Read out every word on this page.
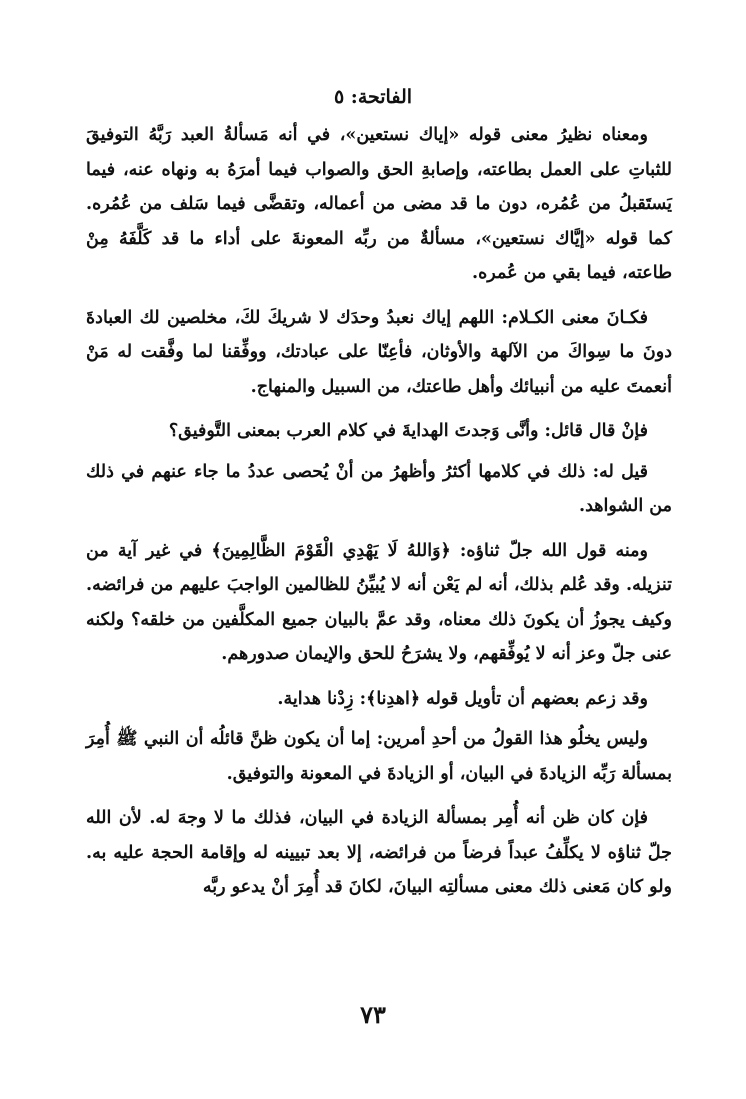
الفاتحة: ٥

ومعناه نظيرُ معنى قوله «إياك نستعين»، في أنه مَسألةُ العبد رَبَّهُ التوفيقَ للثباتِ على العمل بطاعته، وإصابةِ الحق والصواب فيما أمرَهُ به ونهاه عنه، فيما يَستَقبلُ من عُمُره، دون ما قد مضى من أعماله، وتقضَّى فيما سَلف من عُمُره. كما قوله «إيَّاك نستعين»، مسألةٌ من ربِّه المعونةَ على أداء ما قد كَلَّفَهُ مِنْ طاعته، فيما بقي من عُمره.

فكـانَ معنى الكـلام: اللهم إياك نعبدُ وحدَك لا شريكَ لكَ، مخلصين لك العبادةَ دونَ ما سِواكَ من الآلهة والأوثان، فأعِنّا على عبادتك، ووفِّقنا لما وفَّقت له مَنْ أنعمتَ عليه من أنبيائك وأهل طاعتك، من السبيل والمنهاج.

فإنْ قال قائل: وأنَّى وَجدتَ الهدايةَ في كلام العرب بمعنى التَّوفيق؟

قيل له: ذلك في كلامها أكثرُ وأظهرُ من أنْ يُحصى عددُ ما جاء عنهم في ذلك من الشواهد.

ومنه قول الله جلّ ثناؤه: ﴿وَاللهُ لَا يَهْدِي الْقَوْمَ الظَّالِمِينَ﴾ في غير آية من تنزيله. وقد عُلم بذلك، أنه لم يَعْن أنه لا يُبيِّنُ للظالمين الواجبَ عليهم من فرائضه. وكيف يجوزُ أن يكونَ ذلك معناه، وقد عمَّ بالبيان جميع المكلَّفين من خلقه؟ ولكنه عنى جلّ وعز أنه لا يُوفِّقهم، ولا يشرَحُ للحق والإيمان صدورهم.

وقد زعم بعضهم أن تأويل قوله ﴿اهدِنا﴾: زِدْنا هداية.

وليس يخلُو هذا القولُ من أحدِ أمرين: إما أن يكون ظنَّ قائلُه أن النبي ﷺ أُمِرَ بمسألة رَبِّه الزيادةَ في البيان، أو الزيادةَ في المعونة والتوفيق.

فإن كان ظن أنه أُمِر بمسألة الزيادة في البيان، فذلك ما لا وجهَ له. لأن الله جلّ ثناؤه لا يكلِّفُ عبداً فرضاً من فرائضه، إلا بعد تبيينه له وإقامة الحجة عليه به. ولو كان مَعنى ذلك معنى مسألتِه البيانَ، لكانَ قد أُمِرَ أنْ يدعو ربَّه

٧٣
